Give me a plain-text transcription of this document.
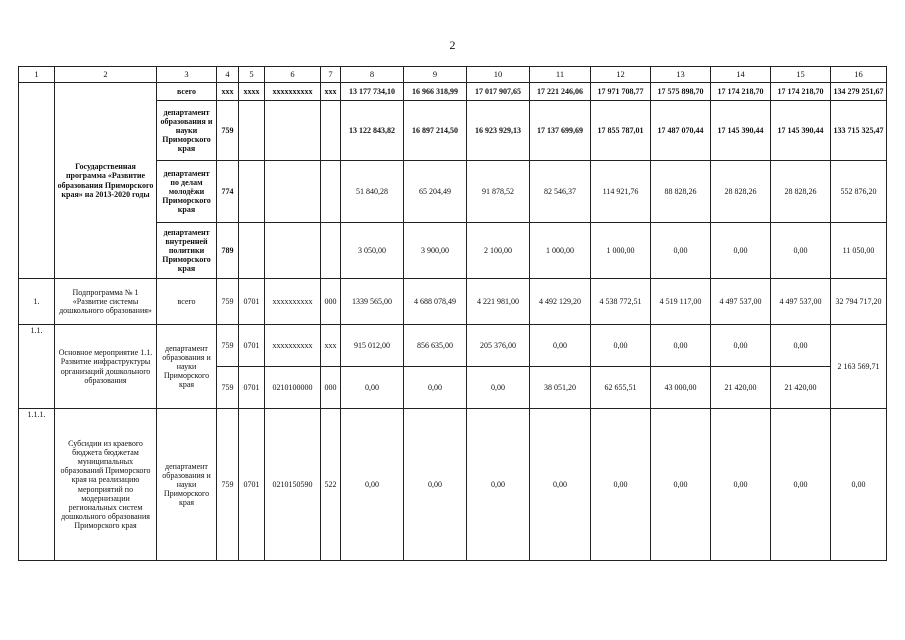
2
1	2	3	4	5	6	7	8	9	10	11	12	13	14	15	16
	Государственная программа «Развитие образования Приморского края» на 2013-2020 годы	всего	xxx	xxxx	xxxxxxxxxx	xxx	13 177 734,10	16 966 318,99	17 017 907,65	17 221 246,06	17 971 708,77	17 575 898,70	17 174 218,70	17 174 218,70	134 279 251,67
		департамент образования и науки Приморского края	759				13 122 843,82	16 897 214,50	16 923 929,13	17 137 699,69	17 855 787,01	17 487 070,44	17 145 390,44	17 145 390,44	133 715 325,47
		департамент по делам молодёжи Приморского края	774				51 840,28	65 204,49	91 878,52	82 546,37	114 921,76	88 828,26	28 828,26	28 828,26	552 876,20
		департамент внутренней политики Приморского края	789				3 050,00	3 900,00	2 100,00	1 000,00	1 000,00	0,00	0,00	0,00	11 050,00
1.	Подпрограмма № 1 «Развитие системы дошкольного образования»	всего	759	0701	xxxxxxxxxx	000	1339 565,00	4 688 078,49	4 221 981,00	4 492 129,20	4 538 772,51	4 519 117,00	4 497 537,00	4 497 537,00	32 794 717,20
1.1.	Основное мероприятие 1.1. Развитие инфраструктуры организаций дошкольного образования	департамент образования и науки Приморского края	759	0701	xxxxxxxxxx	xxx	915 012,00	856 635,00	205 376,00	0,00	0,00	0,00	0,00	0,00	2 163 569,71
			759	0701	0210100000	000	0,00	0,00	0,00	38 051,20	62 655,51	43 000,00	21 420,00	21 420,00	
1.1.1.	Субсидии из краевого бюджета бюджетам муниципальных образований Приморского края на реализацию мероприятий по модернизации региональных систем дошкольного образования Приморского края	департамент образования и науки Приморского края	759	0701	0210150590	522	0,00	0,00	0,00	0,00	0,00	0,00	0,00	0,00	0,00
